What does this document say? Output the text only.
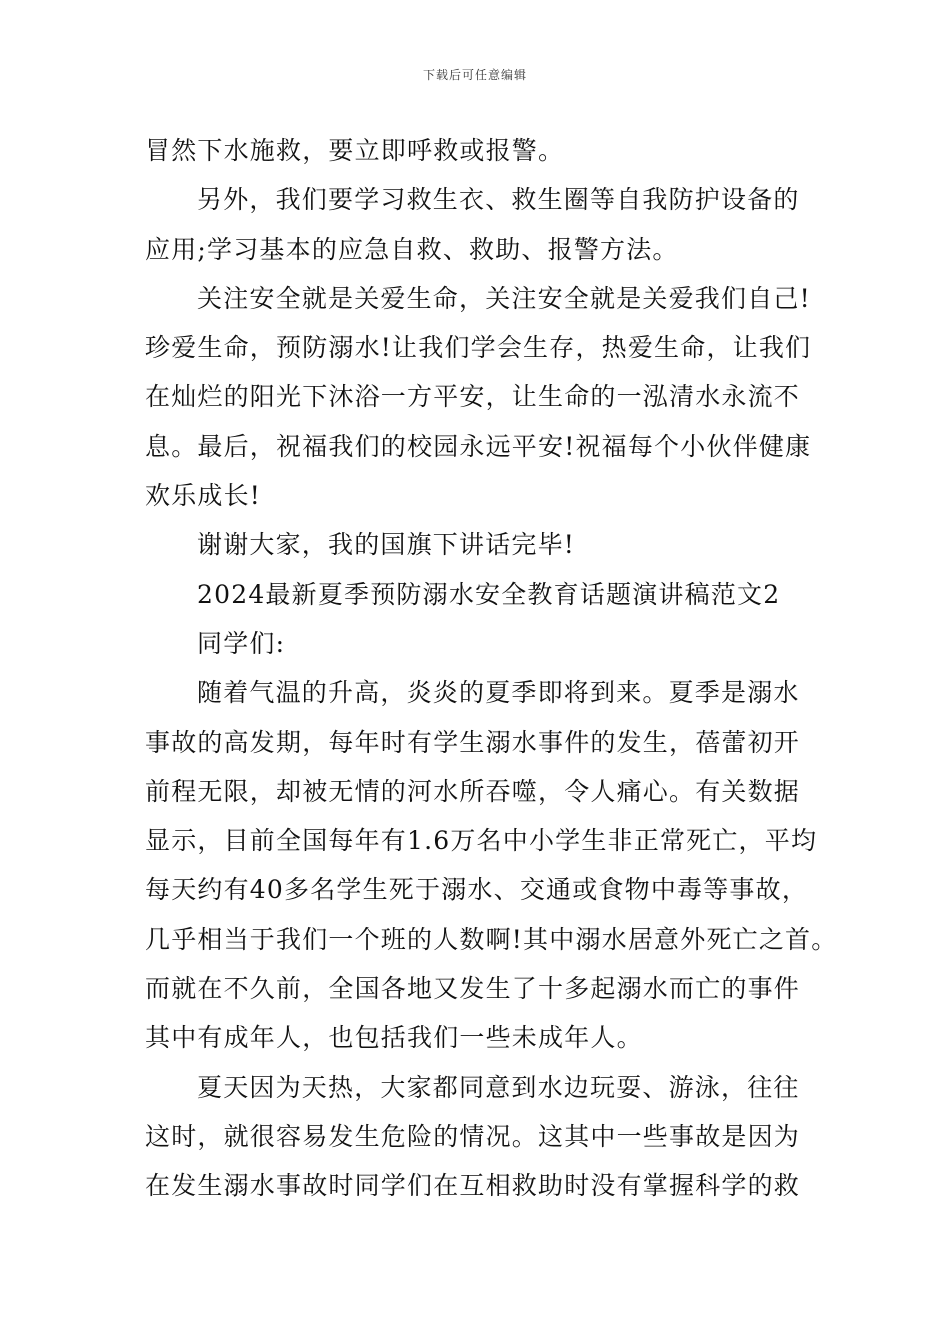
下载后可任意编辑
冒然下水施救，要立即呼救或报警。
另外，我们要学习救生衣、救生圈等自我防护设备的
应用;学习基本的应急自救、救助、报警方法。
关注安全就是关爱生命，关注安全就是关爱我们自己!
珍爱生命，预防溺水!让我们学会生存，热爱生命，让我们
在灿烂的阳光下沐浴一方平安，让生命的一泓清水永流不
息。最后，祝福我们的校园永远平安!祝福每个小伙伴健康
欢乐成长!
谢谢大家，我的国旗下讲话完毕!
2024最新夏季预防溺水安全教育话题演讲稿范文2
同学们:
随着气温的升高，炎炎的夏季即将到来。夏季是溺水
事故的高发期，每年时有学生溺水事件的发生，蓓蕾初开
前程无限，却被无情的河水所吞噬，令人痛心。有关数据
显示，目前全国每年有1.6万名中小学生非正常死亡，平均
每天约有40多名学生死于溺水、交通或食物中毒等事故，
几乎相当于我们一个班的人数啊!其中溺水居意外死亡之首。
而就在不久前，全国各地又发生了十多起溺水而亡的事件
其中有成年人，也包括我们一些未成年人。
夏天因为天热，大家都同意到水边玩耍、游泳，往往
这时，就很容易发生危险的情况。这其中一些事故是因为
在发生溺水事故时同学们在互相救助时没有掌握科学的救
